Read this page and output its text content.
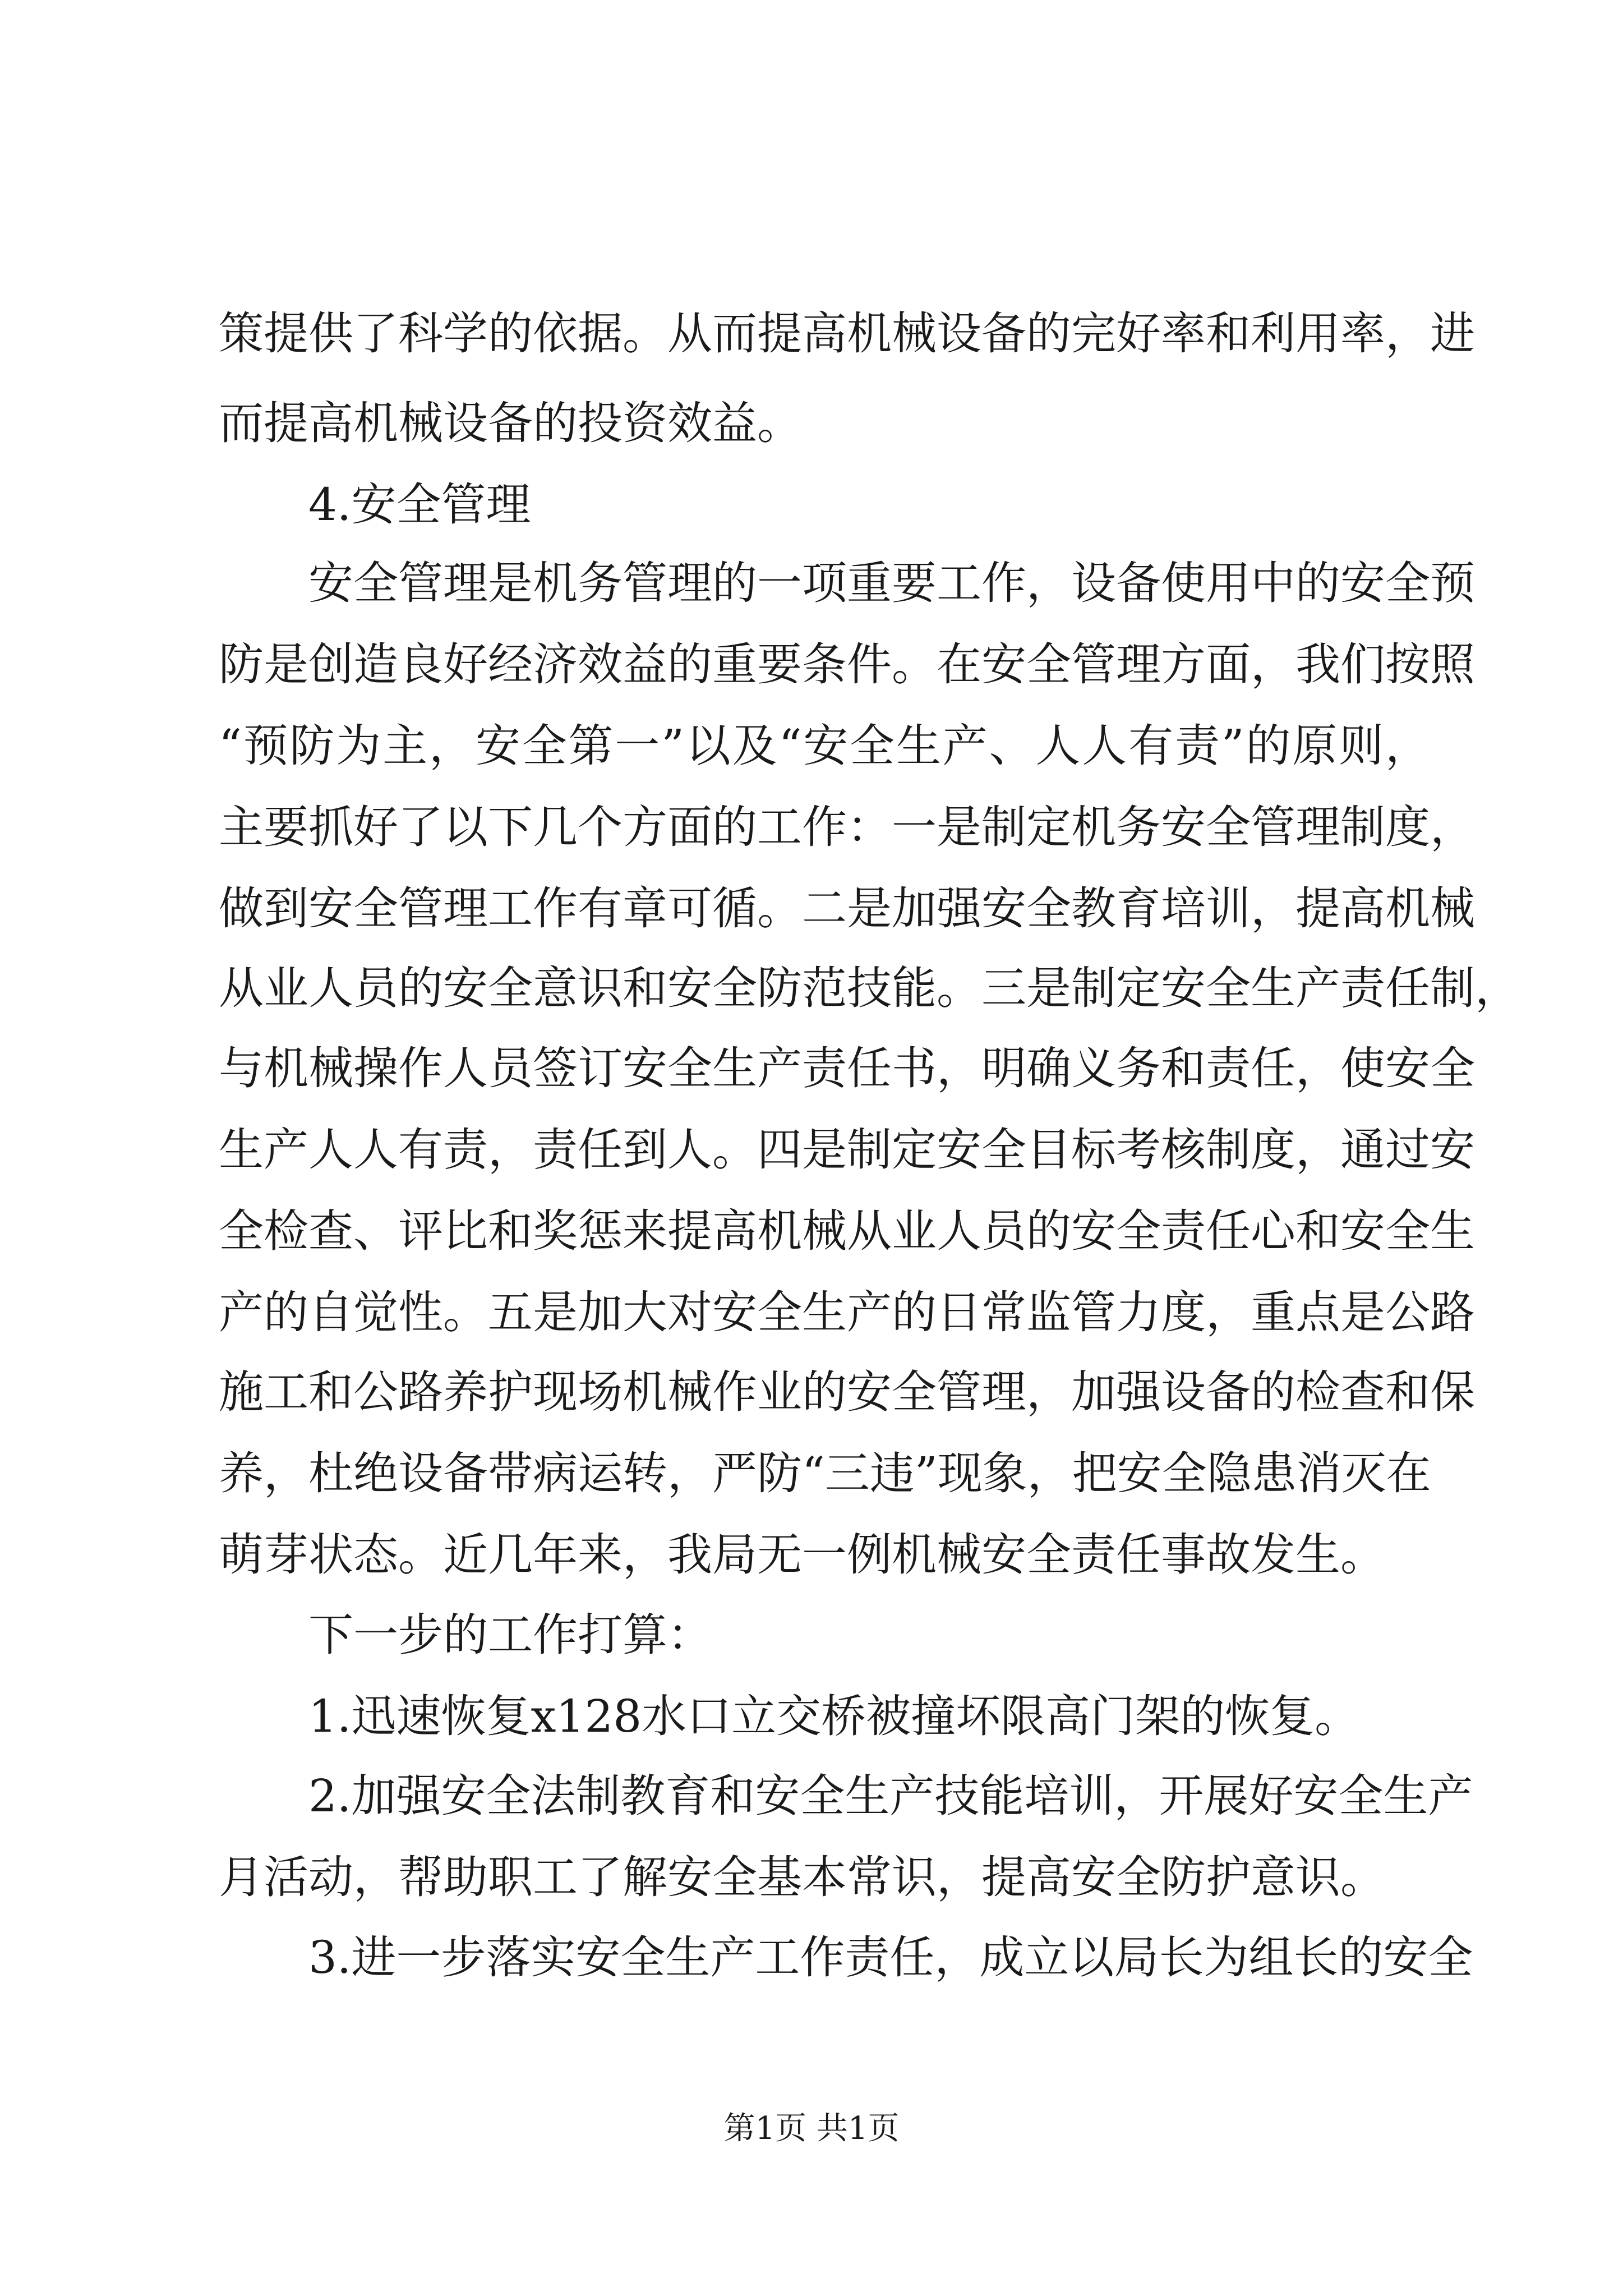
策提供了科学的依据。从而提高机械设备的完好率和利用率，进
而提高机械设备的投资效益。
4.安全管理
安全管理是机务管理的一项重要工作，设备使用中的安全预
防是创造良好经济效益的重要条件。在安全管理方面，我们按照
“预防为主，安全第一”以及“安全生产、人人有责”的原则，
主要抓好了以下几个方面的工作：一是制定机务安全管理制度，
做到安全管理工作有章可循。二是加强安全教育培训，提高机械
从业人员的安全意识和安全防范技能。三是制定安全生产责任制，
与机械操作人员签订安全生产责任书，明确义务和责任，使安全
生产人人有责，责任到人。四是制定安全目标考核制度，通过安
全检查、评比和奖惩来提高机械从业人员的安全责任心和安全生
产的自觉性。五是加大对安全生产的日常监管力度，重点是公路
施工和公路养护现场机械作业的安全管理，加强设备的检查和保
养，杜绝设备带病运转，严防“三违”现象，把安全隐患消灭在
萌芽状态。近几年来，我局无一例机械安全责任事故发生。
下一步的工作打算：
1.迅速恢复x128水口立交桥被撞坏限高门架的恢复。
2.加强安全法制教育和安全生产技能培训，开展好安全生产
月活动，帮助职工了解安全基本常识，提高安全防护意识。
3.进一步落实安全生产工作责任，成立以局长为组长的安全
第1页 共1页
